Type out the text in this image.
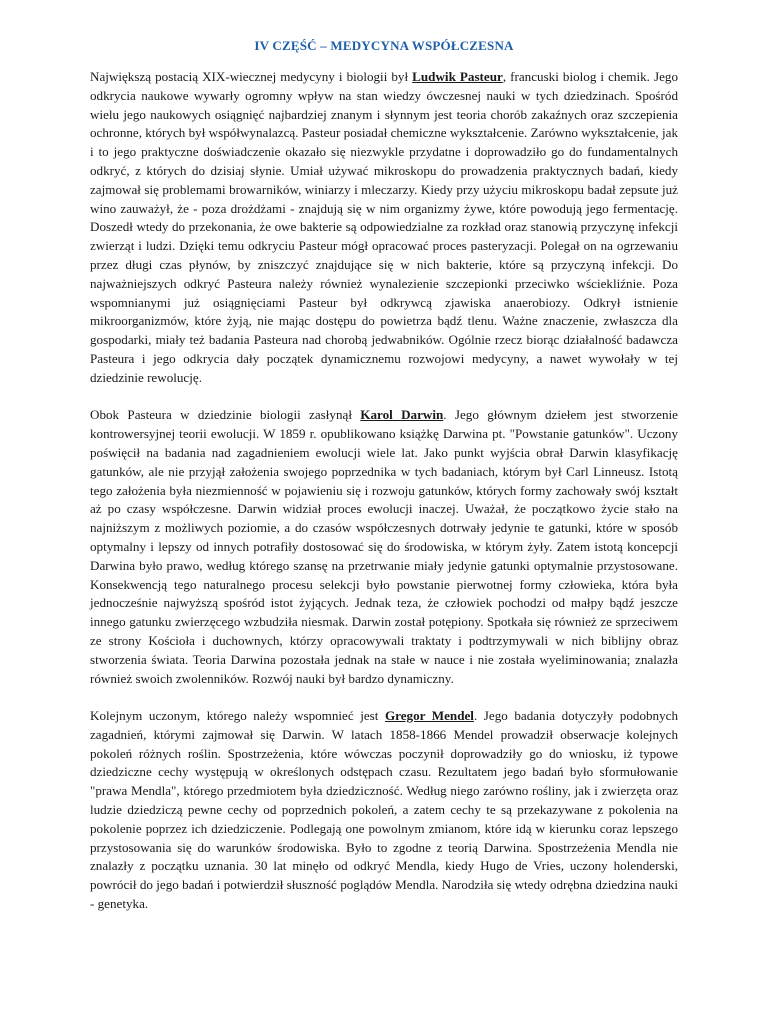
IV CZĘŚĆ – MEDYCYNA WSPÓŁCZESNA

Największą postacią XIX-wiecznej medycyny i biologii był Ludwik Pasteur, francuski biolog i chemik. Jego odkrycia naukowe wywarły ogromny wpływ na stan wiedzy ówczesnej nauki w tych dziedzinach. Spośród wielu jego naukowych osiągnięć najbardziej znanym i słynnym jest teoria chorób zakaźnych oraz szczepienia ochronne, których był współwynalazcą. Pasteur posiadał chemiczne wykształcenie. Zarówno wykształcenie, jak i to jego praktyczne doświadczenie okazało się niezwykle przydatne i doprowadziło go do fundamentalnych odkryć, z których do dzisiaj słynie. Umiał używać mikroskopu do prowadzenia praktycznych badań, kiedy zajmował się problemami browarników, winiarzy i mleczarzy. Kiedy przy użyciu mikroskopu badał zepsute już wino zauważył, że - poza drożdżami - znajdują się w nim organizmy żywe, które powodują jego fermentację. Doszedł wtedy do przekonania, że owe bakterie są odpowiedzialne za rozkład oraz stanowią przyczynę infekcji zwierząt i ludzi. Dzięki temu odkryciu Pasteur mógł opracować proces pasteryzacji. Polegał on na ogrzewaniu przez długi czas płynów, by zniszczyć znajdujące się w nich bakterie, które są przyczyną infekcji. Do najważniejszych odkryć Pasteura należy również wynalezienie szczepionki przeciwko wściekliźnie. Poza wspomnianymi już osiągnięciami Pasteur był odkrywcą zjawiska anaerobiozy. Odkrył istnienie mikroorganizmów, które żyją, nie mając dostępu do powietrza bądź tlenu. Ważne znaczenie, zwłaszcza dla gospodarki, miały też badania Pasteura nad chorobą jedwabników. Ogólnie rzecz biorąc działalność badawcza Pasteura i jego odkrycia dały początek dynamicznemu rozwojowi medycyny, a nawet wywołały w tej dziedzinie rewolucję.

Obok Pasteura w dziedzinie biologii zasłynął Karol Darwin. Jego głównym dziełem jest stworzenie kontrowersyjnej teorii ewolucji. W 1859 r. opublikowano książkę Darwina pt. "Powstanie gatunków". Uczony poświęcił na badania nad zagadnieniem ewolucji wiele lat. Jako punkt wyjścia obrał Darwin klasyfikację gatunków, ale nie przyjął założenia swojego poprzednika w tych badaniach, którym był Carl Linneusz. Istotą tego założenia była niezmienność w pojawieniu się i rozwoju gatunków, których formy zachowały swój kształt aż po czasy współczesne. Darwin widział proces ewolucji inaczej. Uważał, że początkowo życie stało na najniższym z możliwych poziomie, a do czasów współczesnych dotrwały jedynie te gatunki, które w sposób optymalny i lepszy od innych potrafiły dostosować się do środowiska, w którym żyły. Zatem istotą koncepcji Darwina było prawo, według którego szansę na przetrwanie miały jedynie gatunki optymalnie przystosowane. Konsekwencją tego naturalnego procesu selekcji było powstanie pierwotnej formy człowieka, która była jednocześnie najwyższą spośród istot żyjących. Jednak teza, że człowiek pochodzi od małpy bądź jeszcze innego gatunku zwierzęcego wzbudziła niesmak. Darwin został potępiony. Spotkała się również ze sprzeciwem ze strony Kościoła i duchownych, którzy opracowywali traktaty i podtrzymywali w nich biblijny obraz stworzenia świata. Teoria Darwina pozostała jednak na stałe w nauce i nie została wyeliminowania; znalazła również swoich zwolenników. Rozwój nauki był bardzo dynamiczny.

Kolejnym uczonym, którego należy wspomnieć jest Gregor Mendel. Jego badania dotyczyły podobnych zagadnień, którymi zajmował się Darwin. W latach 1858-1866 Mendel prowadził obserwacje kolejnych pokoleń różnych roślin. Spostrzeżenia, które wówczas poczynił doprowadziły go do wniosku, iż typowe dziedziczne cechy występują w określonych odstępach czasu. Rezultatem jego badań było sformułowanie "prawa Mendla", którego przedmiotem była dziedziczność. Według niego zarówno rośliny, jak i zwierzęta oraz ludzie dziedziczą pewne cechy od poprzednich pokoleń, a zatem cechy te są przekazywane z pokolenia na pokolenie poprzez ich dziedziczenie. Podlegają one powolnym zmianom, które idą w kierunku coraz lepszego przystosowania się do warunków środowiska. Było to zgodne z teorią Darwina. Spostrzeżenia Mendla nie znalazły z początku uznania. 30 lat minęło od odkryć Mendla, kiedy Hugo de Vries, uczony holenderski, powrócił do jego badań i potwierdził słuszność poglądów Mendla. Narodziła się wtedy odrębna dziedzina nauki - genetyka.
